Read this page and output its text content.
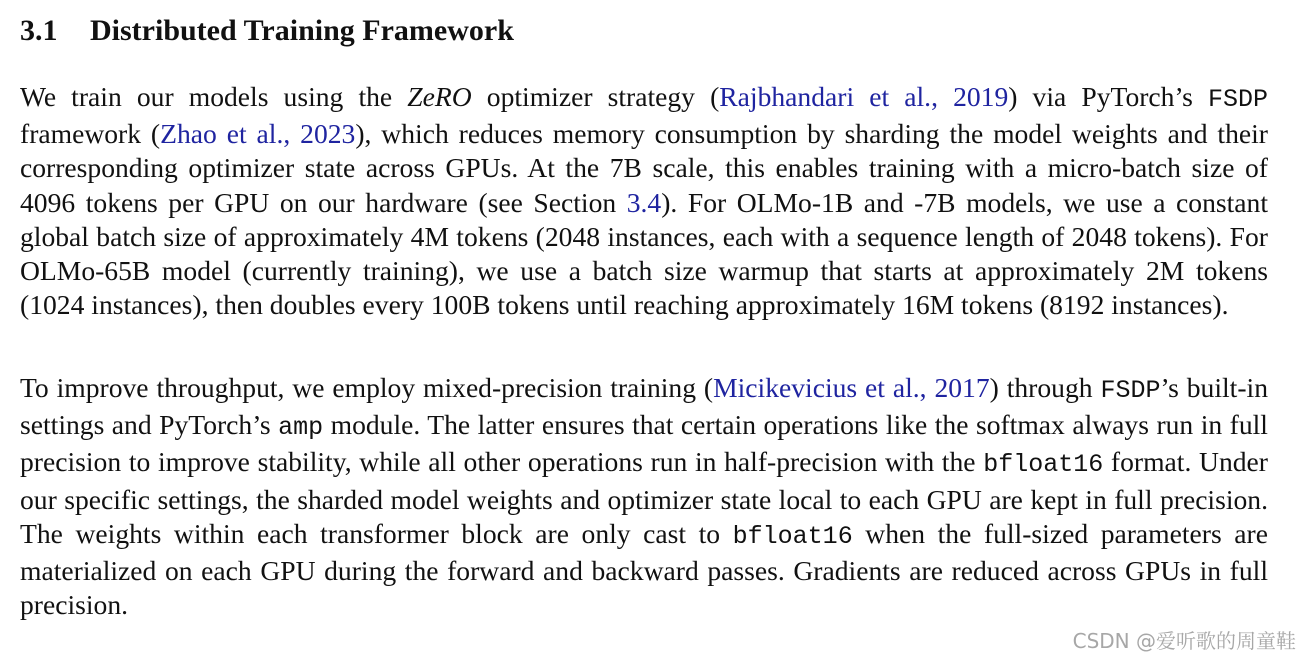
3.1 Distributed Training Framework
We train our models using the ZeRO optimizer strategy (Rajbhandari et al., 2019) via PyTorch’s FSDP framework (Zhao et al., 2023), which reduces memory consumption by sharding the model weights and their corresponding optimizer state across GPUs. At the 7B scale, this enables training with a micro-batch size of 4096 tokens per GPU on our hardware (see Section 3.4). For OLMo-1B and -7B models, we use a constant global batch size of approximately 4M tokens (2048 instances, each with a sequence length of 2048 tokens). For OLMo-65B model (currently training), we use a batch size warmup that starts at approximately 2M tokens (1024 instances), then doubles every 100B tokens until reaching approximately 16M tokens (8192 instances).
To improve throughput, we employ mixed-precision training (Micikevicius et al., 2017) through FSDP’s built-in settings and PyTorch’s amp module. The latter ensures that certain operations like the softmax always run in full precision to improve stability, while all other operations run in half-precision with the bfloat16 format. Under our specific settings, the sharded model weights and optimizer state local to each GPU are kept in full precision. The weights within each transformer block are only cast to bfloat16 when the full-sized parameters are materialized on each GPU during the forward and backward passes. Gradients are reduced across GPUs in full precision.
CSDN @爱听歌的周童鞋
